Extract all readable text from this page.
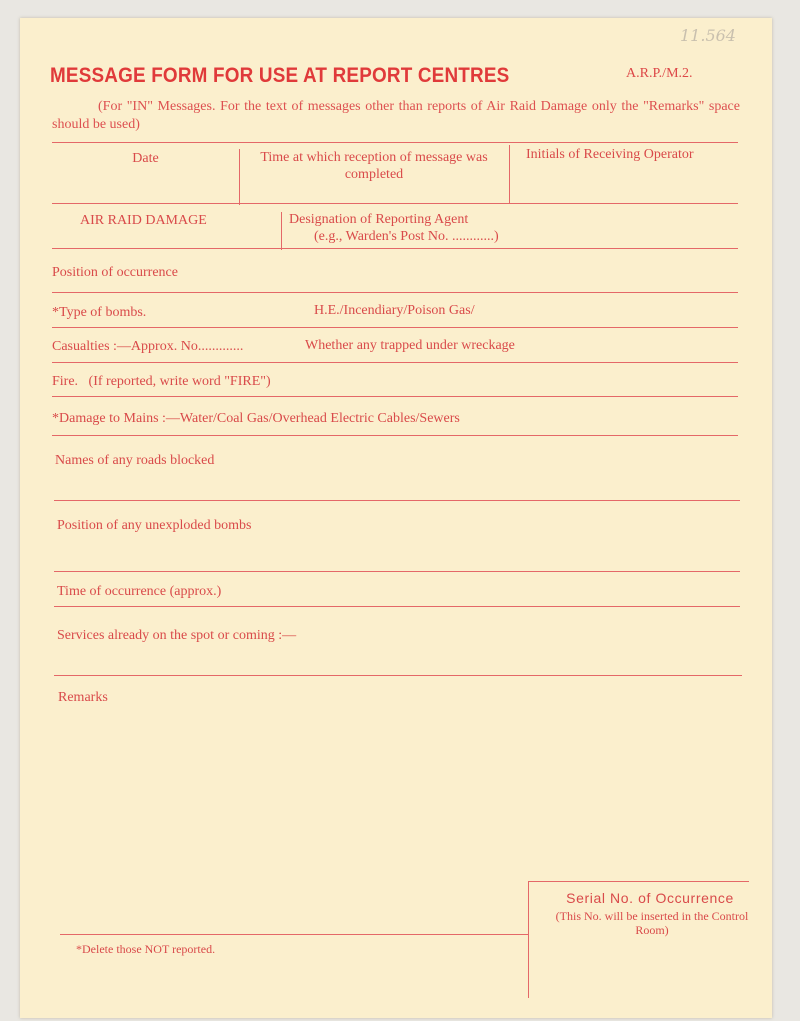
11.564
MESSAGE FORM FOR USE AT REPORT CENTRES	A.R.P./M.2.
(For "IN" Messages. For the text of messages other than reports of Air Raid Damage only the "Remarks" space should be used)
Date	Time at which reception of message was completed
Initials of Receiving Operator
AIR RAID DAMAGE	Designation of Reporting Agent
(e.g., Warden's Post No. ............)
Position of occurrence
*Type of bombs.	H.E./Incendiary/Poison Gas/
Casualties :—Approx. No.............	Whether any trapped under wreckage
Fire.   (If reported, write word "FIRE")
*Damage to Mains :—Water/Coal Gas/Overhead Electric Cables/Sewers
Names of any roads blocked
Position of any unexploded bombs
Time of occurrence (approx.)
Services already on the spot or coming :—
Remarks
Serial No. of Occurrence
(This No. will be inserted in the Control Room)
*Delete those NOT reported.
